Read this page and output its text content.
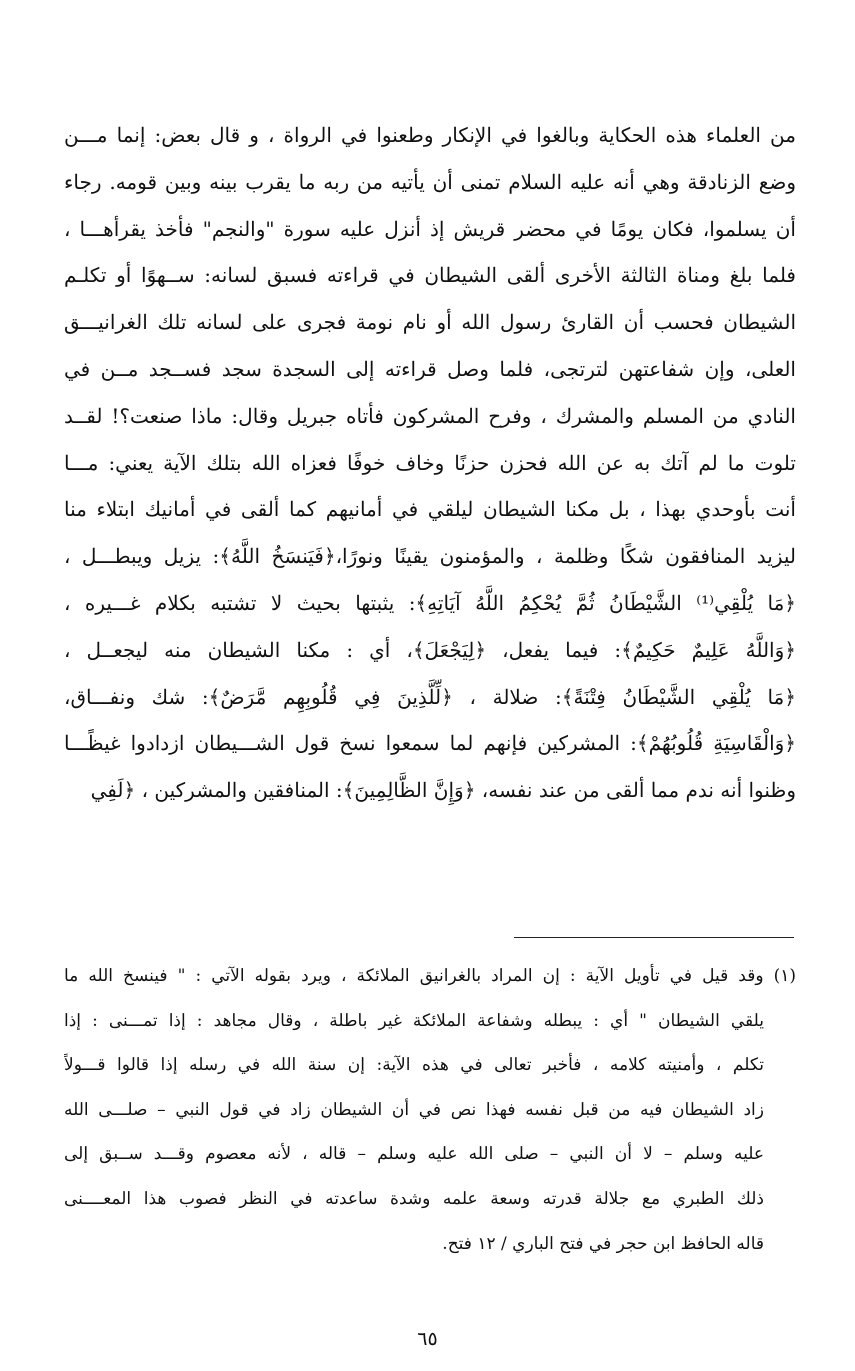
من العلماء هذه الحكاية وبالغوا في الإنكار وطعنوا في الرواة ، و قال بعض: إنما مـــن
وضع الزنادقة وهي أنه عليه السلام تمنى أن يأتيه من ربه ما يقرب بينه وبين قومه. رجاء
أن يسلموا، فكان يومًا في محضر قريش إذ أنزل عليه سورة "والنجم" فأخذ يقرأهـــا ،
فلما بلغ ومناة الثالثة الأخرى ألقى الشيطان في قراءته فسبق لسانه: ســهوًا أو تكلـم
الشيطان فحسب أن القارئ رسول الله أو نام نومة فجرى على لسانه تلك الغرانيـــق
العلى، وإن شفاعتهن لترتجى، فلما وصل قراءته إلى السجدة سجد فســجد مــن في
النادي من المسلم والمشرك ، وفرح المشركون فأتاه جبريل وقال: ماذا صنعت؟! لقــد
تلوت ما لم آتك به عن الله فحزن حزنًا وخاف خوفًا فعزاه الله بتلك الآية يعني: مـــا
أنت بأوحدي بهذا ، بل مكنا الشيطان ليلقي في أمانيهم كما ألقى في أمانيك ابتلاء منا
ليزيد المنافقون شكًا وظلمة ، والمؤمنون يقينًا ونورًا،﴿فَيَنسَخُ اللَّهُ﴾: يزيل ويبطـــل ،
﴿مَا يُلْقِي⁽¹⁾ الشَّيْطَانُ ثُمَّ يُحْكِمُ اللَّهُ آيَاتِهِ﴾: يثبتها بحيث لا تشتبه بكلام غـــيره ،
﴿وَاللَّهُ عَلِيمٌ حَكِيمٌ﴾: فيما يفعل، ﴿لِيَجْعَلَ﴾، أي : مكنا الشيطان منه ليجعــل ،
﴿مَا يُلْقِي الشَّيْطَانُ فِتْنَةً﴾: ضلالة ، ﴿لِّلَّذِينَ فِي قُلُوبِهِم مَّرَضٌ﴾: شك ونفـــاق،
﴿وَالْقَاسِيَةِ قُلُوبُهُمْ﴾: المشركين فإنهم لما سمعوا نسخ قول الشـــيطان ازدادوا غيظًـــا
وظنوا أنه ندم مما ألقى من عند نفسه، ﴿وَإِنَّ الظَّالِمِينَ﴾: المنافقين والمشركين ، ﴿لَفِي
(١) وقد قيل في تأويل الآية : إن المراد بالغرانيق الملائكة ، ويرد بقوله الآتي : " فينسخ الله ما
يلقي الشيطان " أي : يبطله وشفاعة الملائكة غير باطلة ، وقال مجاهد : إذا تمـــنى : إذا
تكلم ، وأمنيته كلامه ، فأخبر تعالى في هذه الآية: إن سنة الله في رسله إذا قالوا قـــولاً
زاد الشيطان فيه من قبل نفسه فهذا نص في أن الشيطان زاد في قول النبي – صلـــى الله
عليه وسلم – لا أن النبي – صلى الله عليه وسلم – قاله ، لأنه معصوم وقـــد ســبق إلى
ذلك الطبري مع جلالة قدرته وسعة علمه وشدة ساعدته في النظر فصوب هذا المعــــنى
قاله الحافظ ابن حجر في فتح الباري / ١٢ فتح.
٦٥
